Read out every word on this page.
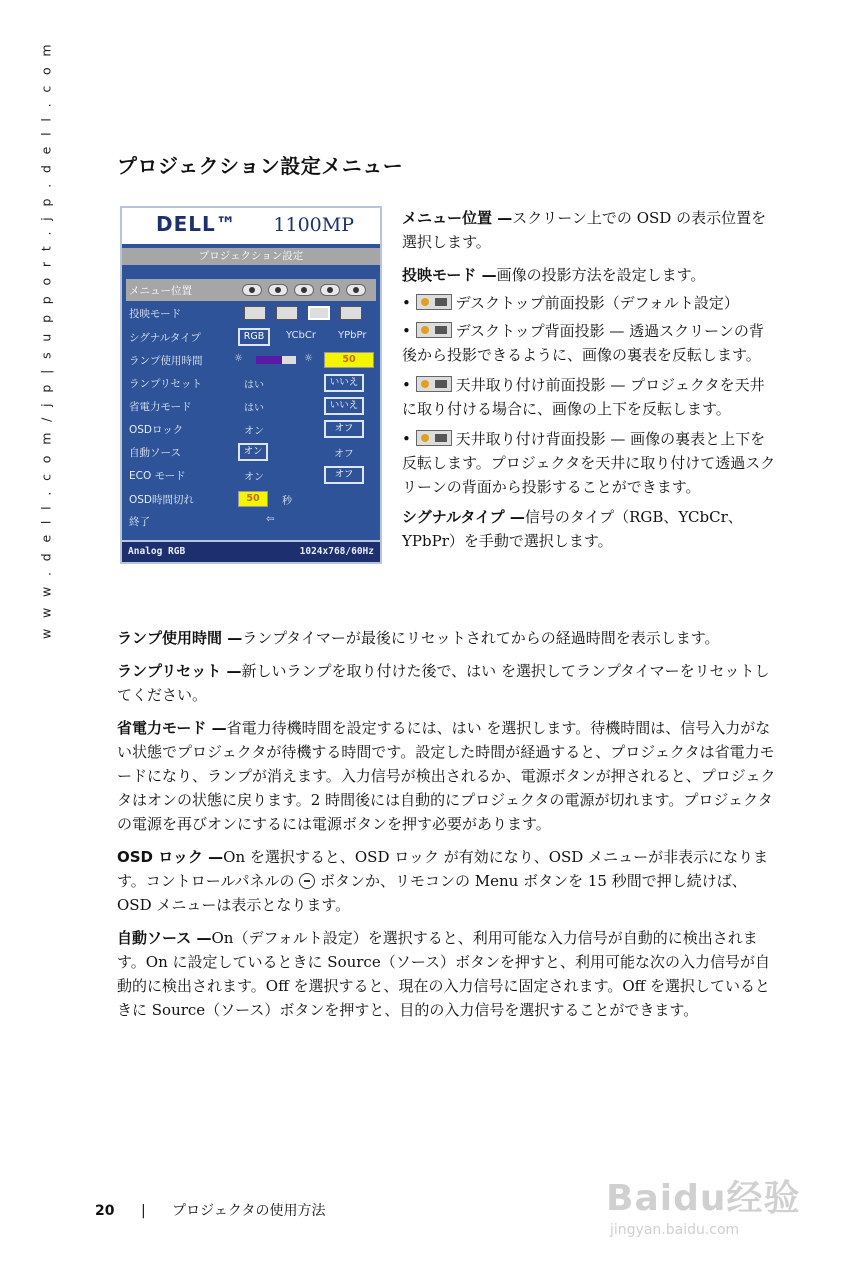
w w w . d e l l . c o m / j p | s u p p o r t . j p . d e l l . c o m	プロジェクション設定メニュー
DELL™ 1100MP
プロジェクション設定
メニュー位置
投映モード
シグナルタイプ	RGB	YCbCr YPbPr
ランプ使用時間	☼	☼	50
ランプリセット	はい	いいえ
省電力モード	はい	いいえ
OSDロック	オン	オフ
自動ソース	オン	オフ
ECO モード	オン	オフ
OSD時間切れ	50	秒
終了	⇦
Analog RGB	1024x768/60Hz

メニュー位置 —スクリーン上での OSD の表示位置を選択します。

投映モード —画像の投影方法を設定します。

•	デスクトップ前面投影（デフォルト設定）

•	デスクトップ背面投影 — 透過スクリーンの背後から投影できるように、画像の裏表を反転します。

•	天井取り付け前面投影 — プロジェクタを天井に取り付ける場合に、画像の上下を反転します。

•	天井取り付け背面投影 — 画像の裏表と上下を反転します。プロジェクタを天井に取り付けて透過スクリーンの背面から投影することができます。

シグナルタイプ —信号のタイプ（RGB、YCbCr、YPbPr）を手動で選択します。

ランプ使用時間 —ランプタイマーが最後にリセットされてからの経過時間を表示します。

ランプリセット —新しいランプを取り付けた後で、はい を選択してランプタイマーをリセットしてください。

省電力モード —省電力待機時間を設定するには、はい を選択します。待機時間は、信号入力がない状態でプロジェクタが待機する時間です。設定した時間が経過すると、プロジェクタは省電力モードになり、ランプが消えます。入力信号が検出されるか、電源ボタンが押されると、プロジェクタはオンの状態に戻ります。2 時間後には自動的にプロジェクタの電源が切れます。プロジェクタの電源を再びオンにするには電源ボタンを押す必要があります。

OSD ロック —On を選択すると、OSD ロック が有効になり、OSD メニューが非表示になります。コントロールパネルの ボタンか、リモコンの Menu ボタンを 15 秒間で押し続けば、OSD メニューは表示となります。

自動ソース —On（デフォルト設定）を選択すると、利用可能な入力信号が自動的に検出されます。On に設定しているときに Source（ソース）ボタンを押すと、利用可能な次の入力信号が自動的に検出されます。Off を選択すると、現在の入力信号に固定されます。Off を選択しているときに Source（ソース）ボタンを押すと、目的の入力信号を選択することができます。

20 | プロジェクタの使用方法	Baidu经验
jingyan.baidu.com
